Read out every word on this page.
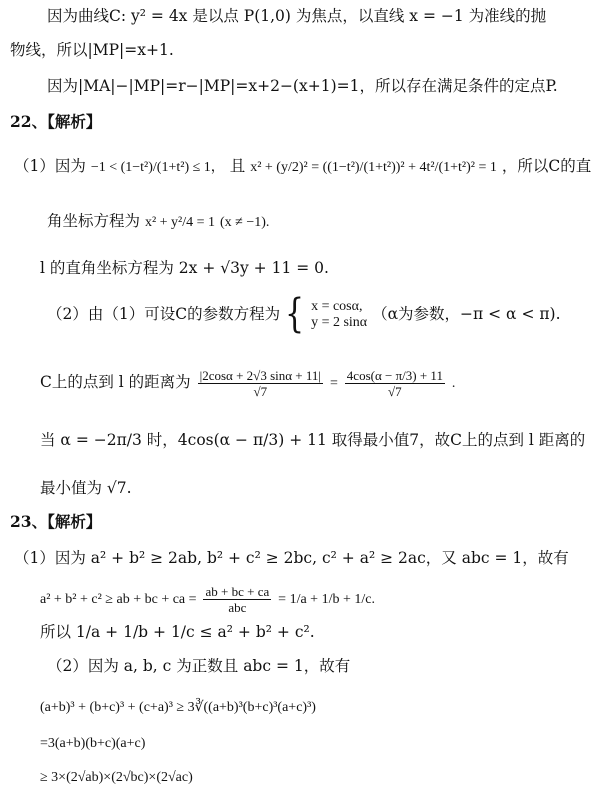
因为曲线C: y² = 4x 是以点 P(1,0) 为焦点，以直线 x = −1 为准线的抛
物线，所以|MP|=x+1.
因为|MA|−|MP|=r−|MP|=x+2−(x+1)=1，所以存在满足条件的定点P.
22、【解析】
（1）因为 −1 < (1−t²)/(1+t²) ≤ 1， 且 x² + (y/2)² = ((1−t²)/(1+t²))² + 4t²/(1+t²)² = 1 ，所以C的直
角坐标方程为 x² + y²/4 = 1 (x ≠ −1).
l 的直角坐标方程为 2x + √3y + 11 = 0.
（2）由（1）可设C的参数方程为 { x = cosα,
y = 2 sinα （α为参数，−π < α < π).
C上的点到 l 的距离为 $\frac{|2\cos\alpha + 2√3 \sin\alpha + 11|}{√7} = \frac{4\cos(\alpha - \pi/3) + 11}{√7}$ .
当 α = −2π/3 时，4cos(α − π/3) + 11 取得最小值7，故C上的点到 l 距离的
最小值为 √7.
23、【解析】
（1）因为 a² + b² ≥ 2ab, b² + c² ≥ 2bc, c² + a² ≥ 2ac，又 abc = 1，故有
a² + b² + c² ≥ ab + bc + ca = $\frac{ab + bc + ca}{\text{abc}} = 1/a + 1/b + 1/c$.
所以 1/a + 1/b + 1/c ≤ a² + b² + c².
（2）因为 a, b, c 为正数且 abc = 1，故有
(a+b)³ + (b+c)³ + (c+a)³ ≥ 3∛((a+b)³(b+c)³(a+c)³)
=3(a+b)(b+c)(a+c)
≥ 3×(2√ab)×(2√bc)×(2√ac)
